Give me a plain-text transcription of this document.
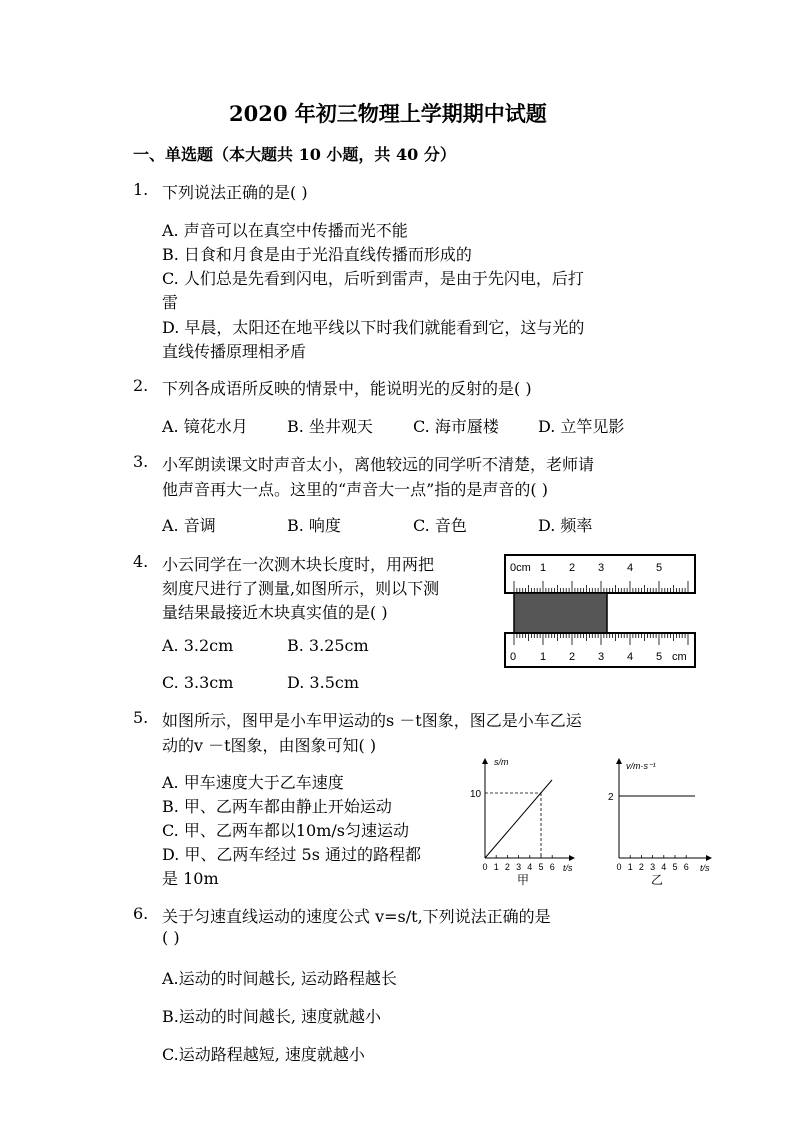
2020 年初三物理上学期期中试题
一、单选题（本大题共 10 小题，共 40 分）
1. 下列说法正确的是( )
A. 声音可以在真空中传播而光不能
B. 日食和月食是由于光沿直线传播而形成的
C. 人们总是先看到闪电，后听到雷声，是由于先闪电，后打
雷
D. 早晨，太阳还在地平线以下时我们就能看到它，这与光的
直线传播原理相矛盾
2. 下列各成语所反映的情景中，能说明光的反射的是( )
A. 镜花水月 B. 坐井观天	C. 海市蜃楼 D. 立竿见影
3. 小军朗读课文时声音太小，离他较远的同学听不清楚，老师请
他声音再大一点。这里的“声音大一点”指的是声音的( )
A. 音调	B. 响度	C. 音色	D. 频率
4. 小云同学在一次测木块长度时，用两把
刻度尺进行了测量,如图所示，则以下测
量结果最接近木块真实值的是( )
A. 3.2cm	B. 3.25cm
C. 3.3cm	D. 3.5cm
0cm 1 2 3 4 5
0 1 2 3 4 5 cm
5. 如图所示，图甲是小车甲运动的s －t图象，图乙是小车乙运
动的v －t图象，由图象可知( )
A. 甲车速度大于乙车速度
B. 甲、乙两车都由静止开始运动
C. 甲、乙两车都以10m/s匀速运动
D. 甲、乙两车经过 5s 通过的路程都
是 10m
s/m
t/s
10
0 1 2 3 4 5 6
甲
v/m·s⁻¹
t/s
2
0 1 2 3 4 5 6
乙
6. 关于匀速直线运动的速度公式 v=s/t,下列说法正确的是
( )
A.运动的时间越长, 运动路程越长
B.运动的时间越长, 速度就越小
C.运动路程越短, 速度就越小
